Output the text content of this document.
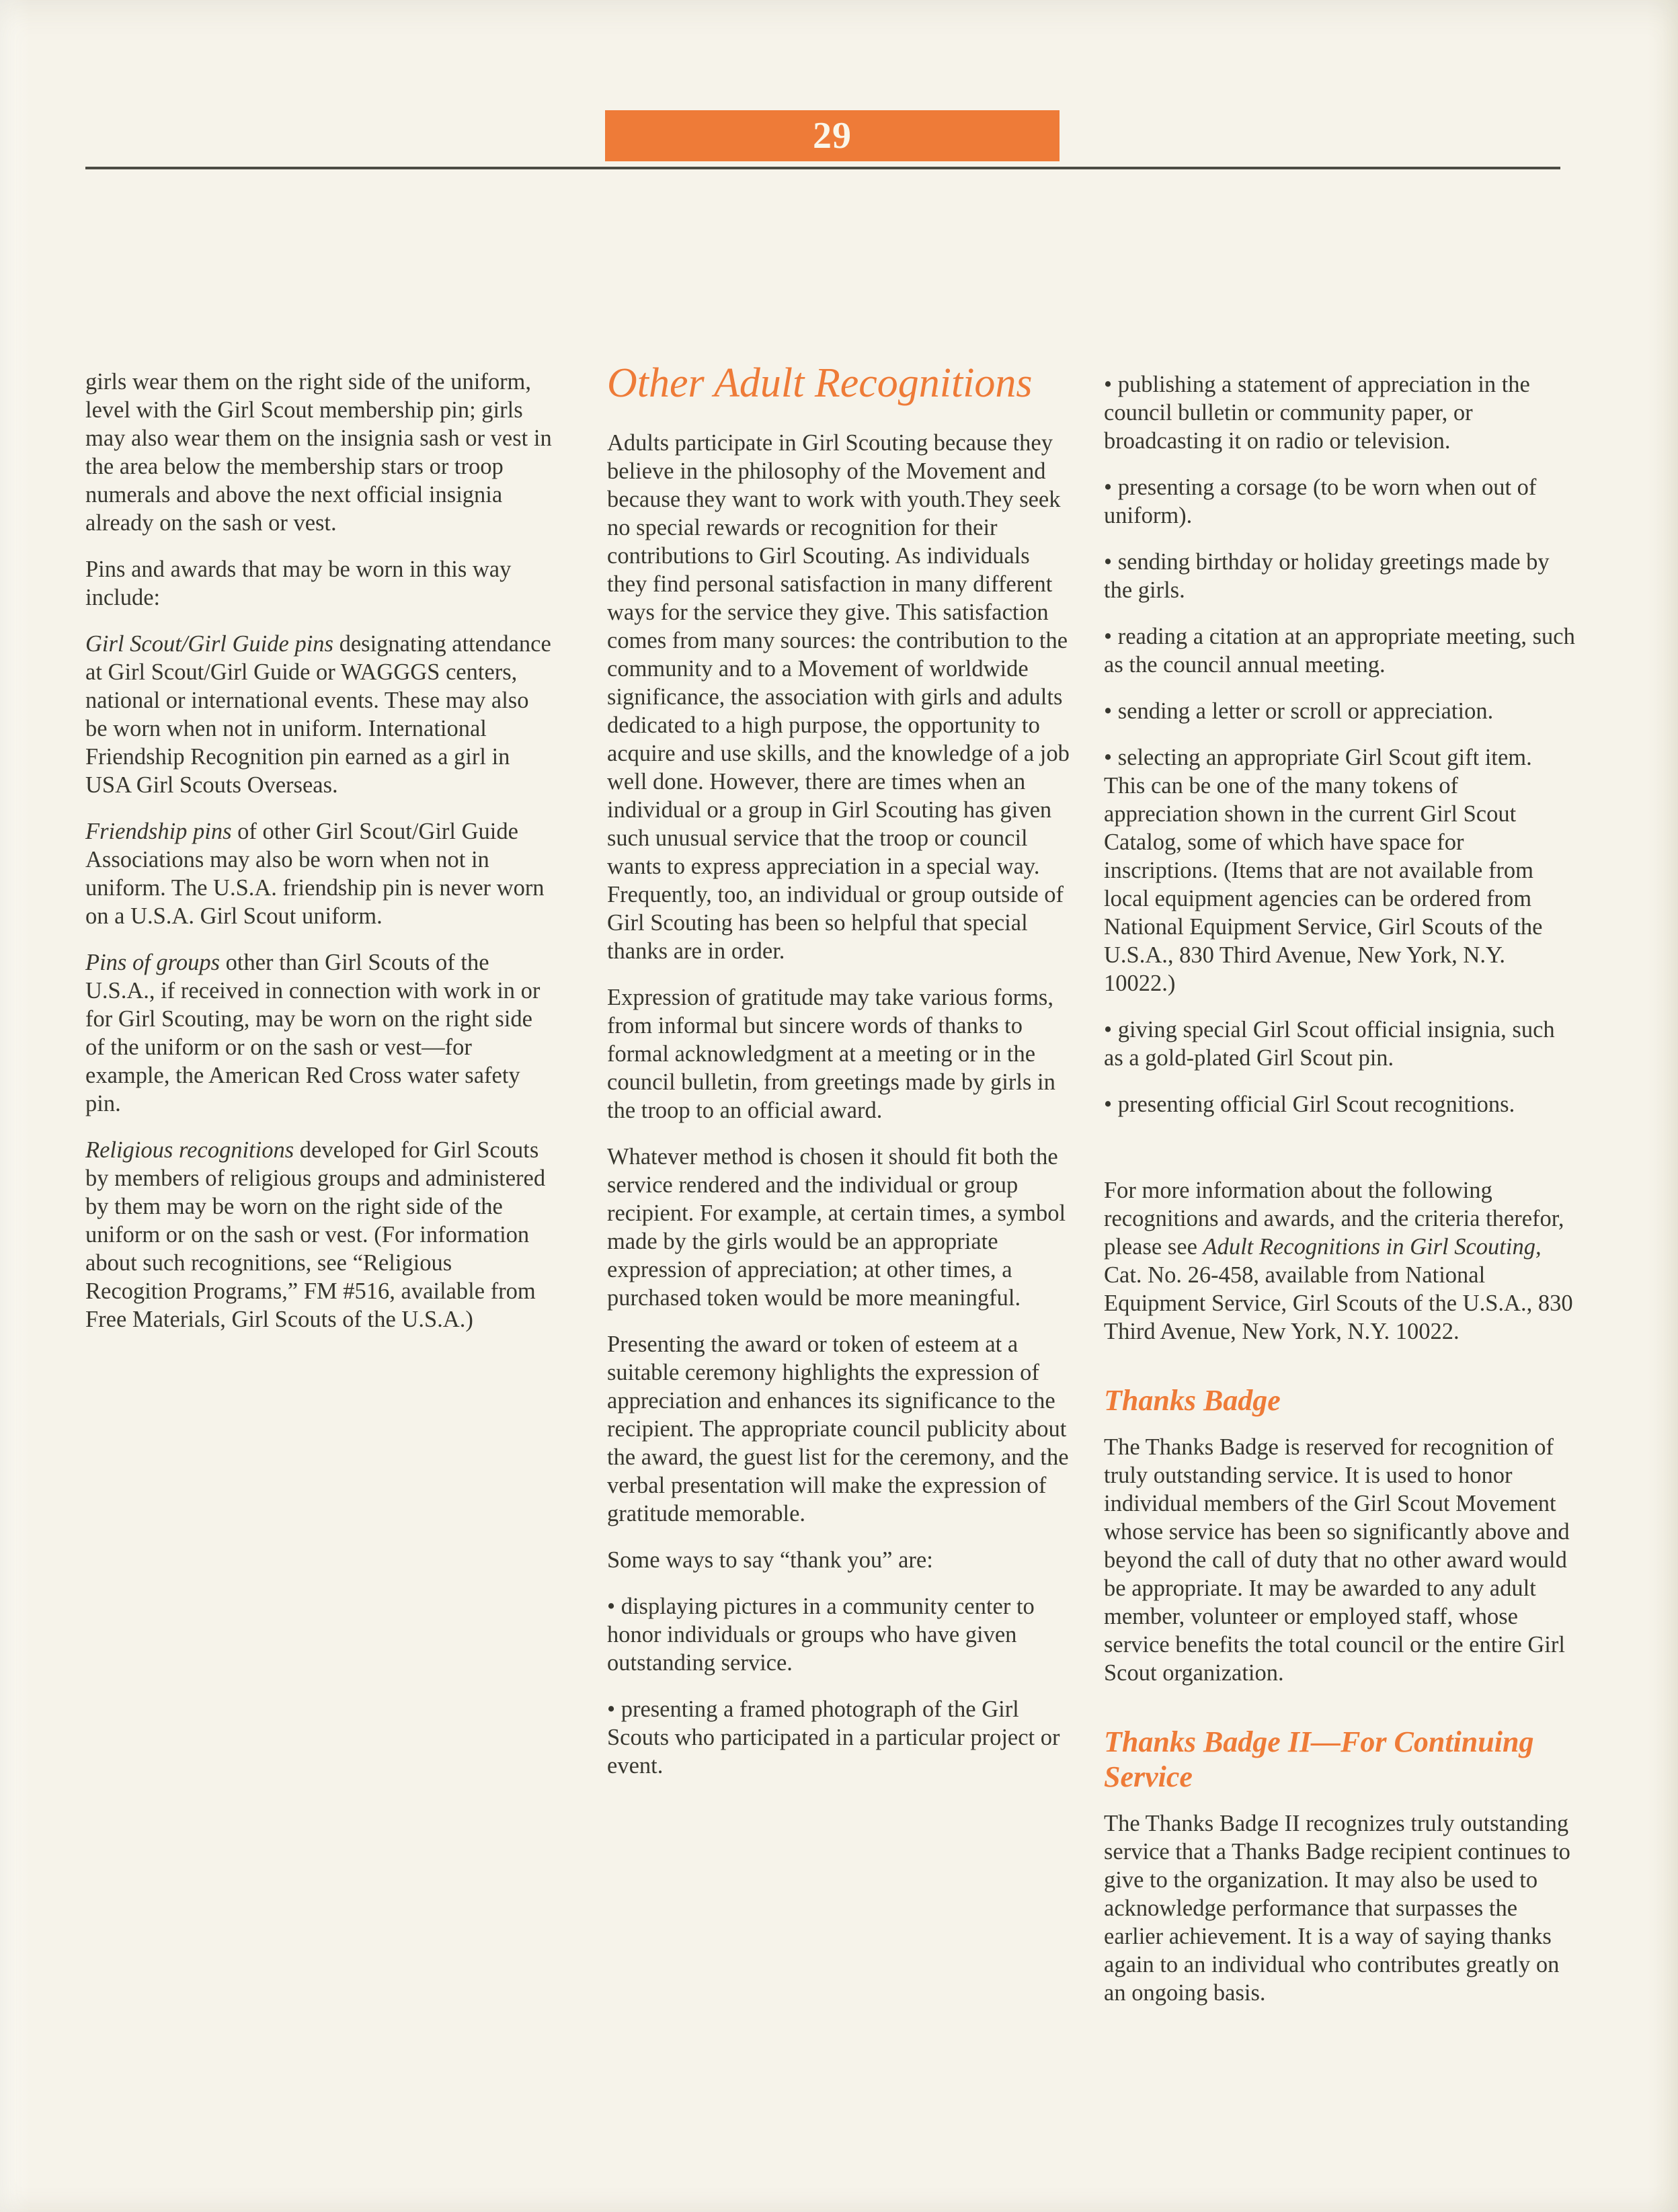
29

girls wear them on the right side of the uniform, level with the Girl Scout membership pin; girls may also wear them on the insignia sash or vest in the area below the membership stars or troop numerals and above the next official insignia already on the sash or vest.

Pins and awards that may be worn in this way include:

Girl Scout/Girl Guide pins designating attendance at Girl Scout/Girl Guide or WAGGGS centers, national or international events. These may also be worn when not in uniform. International Friendship Recognition pin earned as a girl in USA Girl Scouts Overseas.

Friendship pins of other Girl Scout/Girl Guide Associations may also be worn when not in uniform. The U.S.A. friendship pin is never worn on a U.S.A. Girl Scout uniform.

Pins of groups other than Girl Scouts of the U.S.A., if received in connection with work in or for Girl Scouting, may be worn on the right side of the uniform or on the sash or vest—for example, the American Red Cross water safety pin.

Religious recognitions developed for Girl Scouts by members of religious groups and administered by them may be worn on the right side of the uniform or on the sash or vest. (For information about such recognitions, see “Religious Recogition Programs,” FM #516, available from Free Materials, Girl Scouts of the U.S.A.)

Other Adult Recognitions

Adults participate in Girl Scouting because they believe in the philosophy of the Movement and because they want to work with youth.They seek no special rewards or recognition for their contributions to Girl Scouting. As individuals they find personal satisfaction in many different ways for the service they give. This satisfaction comes from many sources: the contribution to the community and to a Movement of worldwide significance, the association with girls and adults dedicated to a high purpose, the opportunity to acquire and use skills, and the knowledge of a job well done. However, there are times when an individual or a group in Girl Scouting has given such unusual service that the troop or council wants to express appreciation in a special way. Frequently, too, an individual or group outside of Girl Scouting has been so helpful that special thanks are in order.

Expression of gratitude may take various forms, from informal but sincere words of thanks to formal acknowledgment at a meeting or in the council bulletin, from greetings made by girls in the troop to an official award.

Whatever method is chosen it should fit both the service rendered and the individual or group recipient. For example, at certain times, a symbol made by the girls would be an appropriate expression of appreciation; at other times, a purchased token would be more meaningful.

Presenting the award or token of esteem at a suitable ceremony highlights the expression of appreciation and enhances its significance to the recipient. The appropriate council publicity about the award, the guest list for the ceremony, and the verbal presentation will make the expression of gratitude memorable.

Some ways to say “thank you” are:

• displaying pictures in a community center to honor individuals or groups who have given outstanding service.

• presenting a framed photograph of the Girl Scouts who participated in a particular project or event.

• publishing a statement of appreciation in the council bulletin or community paper, or broadcasting it on radio or television.

• presenting a corsage (to be worn when out of uniform).

• sending birthday or holiday greetings made by the girls.

• reading a citation at an appropriate meeting, such as the council annual meeting.

• sending a letter or scroll or appreciation.

• selecting an appropriate Girl Scout gift item. This can be one of the many tokens of appreciation shown in the current Girl Scout Catalog, some of which have space for inscriptions. (Items that are not available from local equipment agencies can be ordered from National Equipment Service, Girl Scouts of the U.S.A., 830 Third Avenue, New York, N.Y. 10022.)

• giving special Girl Scout official insignia, such as a gold-plated Girl Scout pin.

• presenting official Girl Scout recognitions.

For more information about the following recognitions and awards, and the criteria therefor, please see Adult Recognitions in Girl Scouting, Cat. No. 26-458, available from National Equipment Service, Girl Scouts of the U.S.A., 830 Third Avenue, New York, N.Y. 10022.

Thanks Badge

The Thanks Badge is reserved for recognition of truly outstanding service. It is used to honor individual members of the Girl Scout Movement whose service has been so significantly above and beyond the call of duty that no other award would be appropriate. It may be awarded to any adult member, volunteer or employed staff, whose service benefits the total council or the entire Girl Scout organization.

Thanks Badge II—For Continuing Service

The Thanks Badge II recognizes truly outstanding service that a Thanks Badge recipient continues to give to the organization. It may also be used to acknowledge performance that surpasses the earlier achievement. It is a way of saying thanks again to an individual who contributes greatly on an ongoing basis.
